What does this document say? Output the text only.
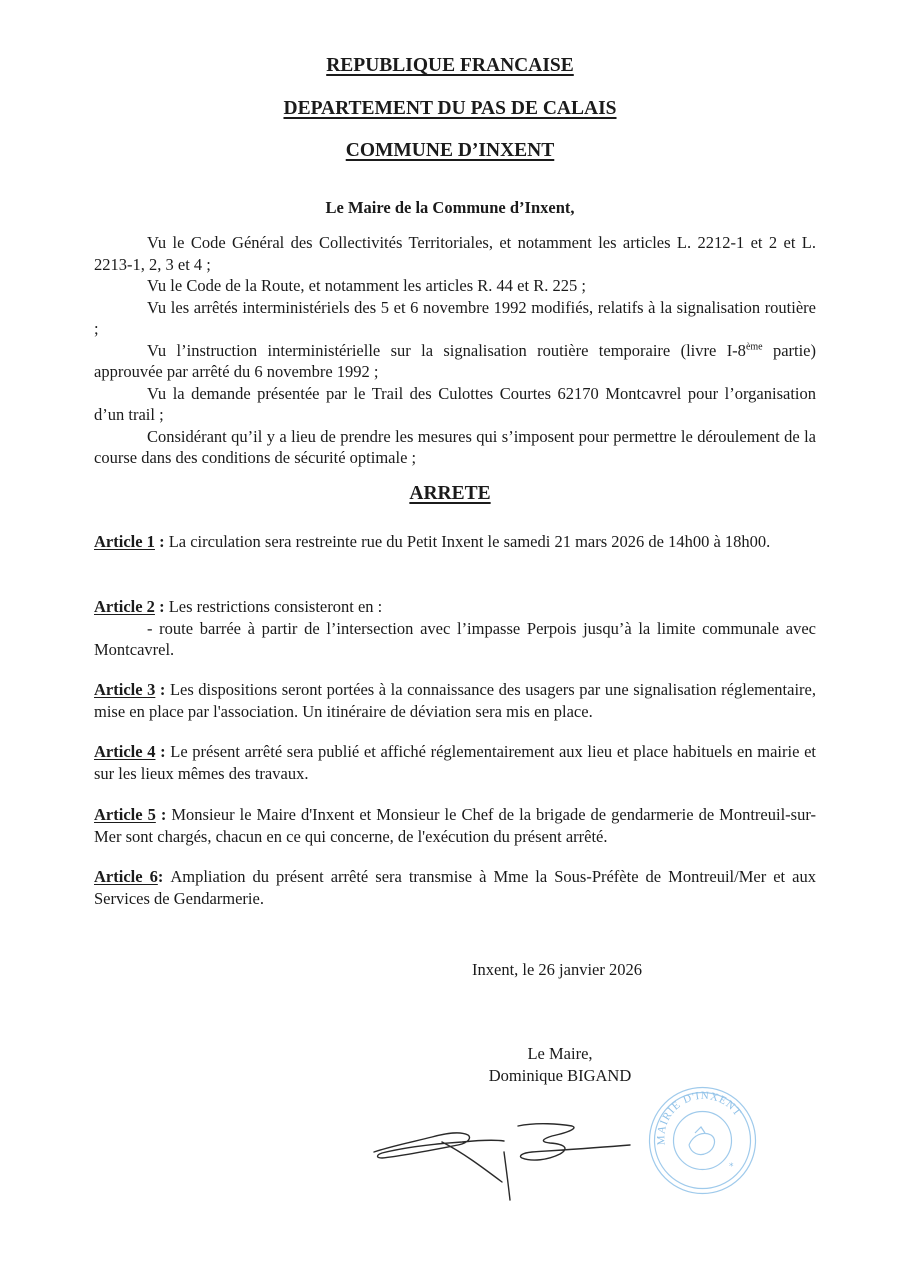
REPUBLIQUE FRANCAISE
DEPARTEMENT DU PAS DE CALAIS
COMMUNE D’INXENT
Le Maire de la Commune d’Inxent,

Vu le Code Général des Collectivités Territoriales, et notamment les articles L. 2212-1 et 2 et L. 2213-1, 2, 3 et 4 ;

Vu le Code de la Route, et notamment les articles R. 44 et R. 225 ;

Vu les arrêtés interministériels des 5 et 6 novembre 1992 modifiés, relatifs à la signalisation routière ;

Vu l’instruction interministérielle sur la signalisation routière temporaire (livre I-8ème partie) approuvée par arrêté du 6 novembre 1992 ;

Vu la demande présentée par le Trail des Culottes Courtes 62170 Montcavrel pour l’organisation d’un trail ;

Considérant qu’il y a lieu de prendre les mesures qui s’imposent pour permettre le déroulement de la course dans des conditions de sécurité optimale ;

ARRETE

Article 1 : La circulation sera restreinte rue du Petit Inxent le samedi 21 mars 2026 de 14h00 à 18h00.

Article 2 : Les restrictions consisteront en :

- route barrée à partir de l’intersection avec l’impasse Perpois jusqu’à la limite communale avec Montcavrel.

Article 3 : Les dispositions seront portées à la connaissance des usagers par une signalisation réglementaire, mise en place par l'association. Un itinéraire de déviation sera mis en place.

Article 4 : Le présent arrêté sera publié et affiché réglementairement aux lieu et place habituels en mairie et sur les lieux mêmes des travaux.

Article 5 : Monsieur le Maire d'Inxent et Monsieur le Chef de la brigade de gendarmerie de Montreuil-sur-Mer sont chargés, chacun en ce qui concerne, de l'exécution du présent arrêté.

Article 6: Ampliation du présent arrêté sera transmise à Mme la Sous-Préfète de Montreuil/Mer et aux Services de Gendarmerie.

Inxent, le 26 janvier 2026
Le Maire,
Dominique BIGAND
MAIRIE D'INXENT
*
